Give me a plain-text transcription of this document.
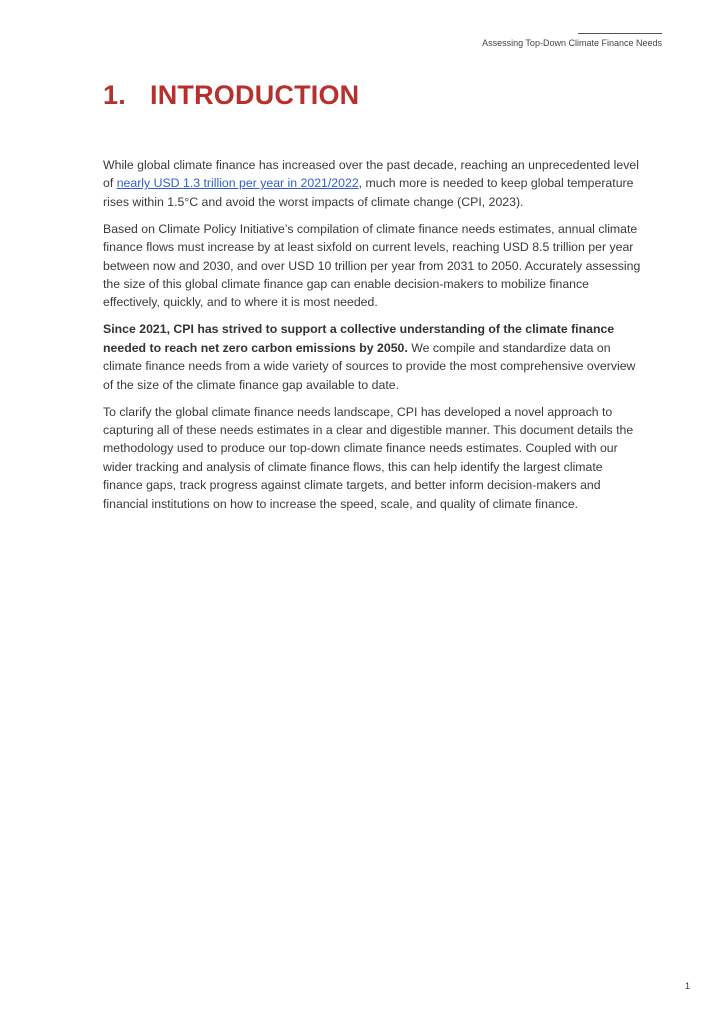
Assessing Top-Down Climate Finance Needs
1. INTRODUCTION

While global climate finance has increased over the past decade, reaching an unprecedented level of nearly USD 1.3 trillion per year in 2021/2022, much more is needed to keep global temperature rises within 1.5°C and avoid the worst impacts of climate change (CPI, 2023).

Based on Climate Policy Initiative’s compilation of climate finance needs estimates, annual climate finance flows must increase by at least sixfold on current levels, reaching USD 8.5 trillion per year between now and 2030, and over USD 10 trillion per year from 2031 to 2050. Accurately assessing the size of this global climate finance gap can enable decision-makers to mobilize finance effectively, quickly, and to where it is most needed.

Since 2021, CPI has strived to support a collective understanding of the climate finance needed to reach net zero carbon emissions by 2050. We compile and standardize data on climate finance needs from a wide variety of sources to provide the most comprehensive overview of the size of the climate finance gap available to date.

To clarify the global climate finance needs landscape, CPI has developed a novel approach to capturing all of these needs estimates in a clear and digestible manner. This document details the methodology used to produce our top-down climate finance needs estimates. Coupled with our wider tracking and analysis of climate finance flows, this can help identify the largest climate finance gaps, track progress against climate targets, and better inform decision-makers and financial institutions on how to increase the speed, scale, and quality of climate finance.

1
